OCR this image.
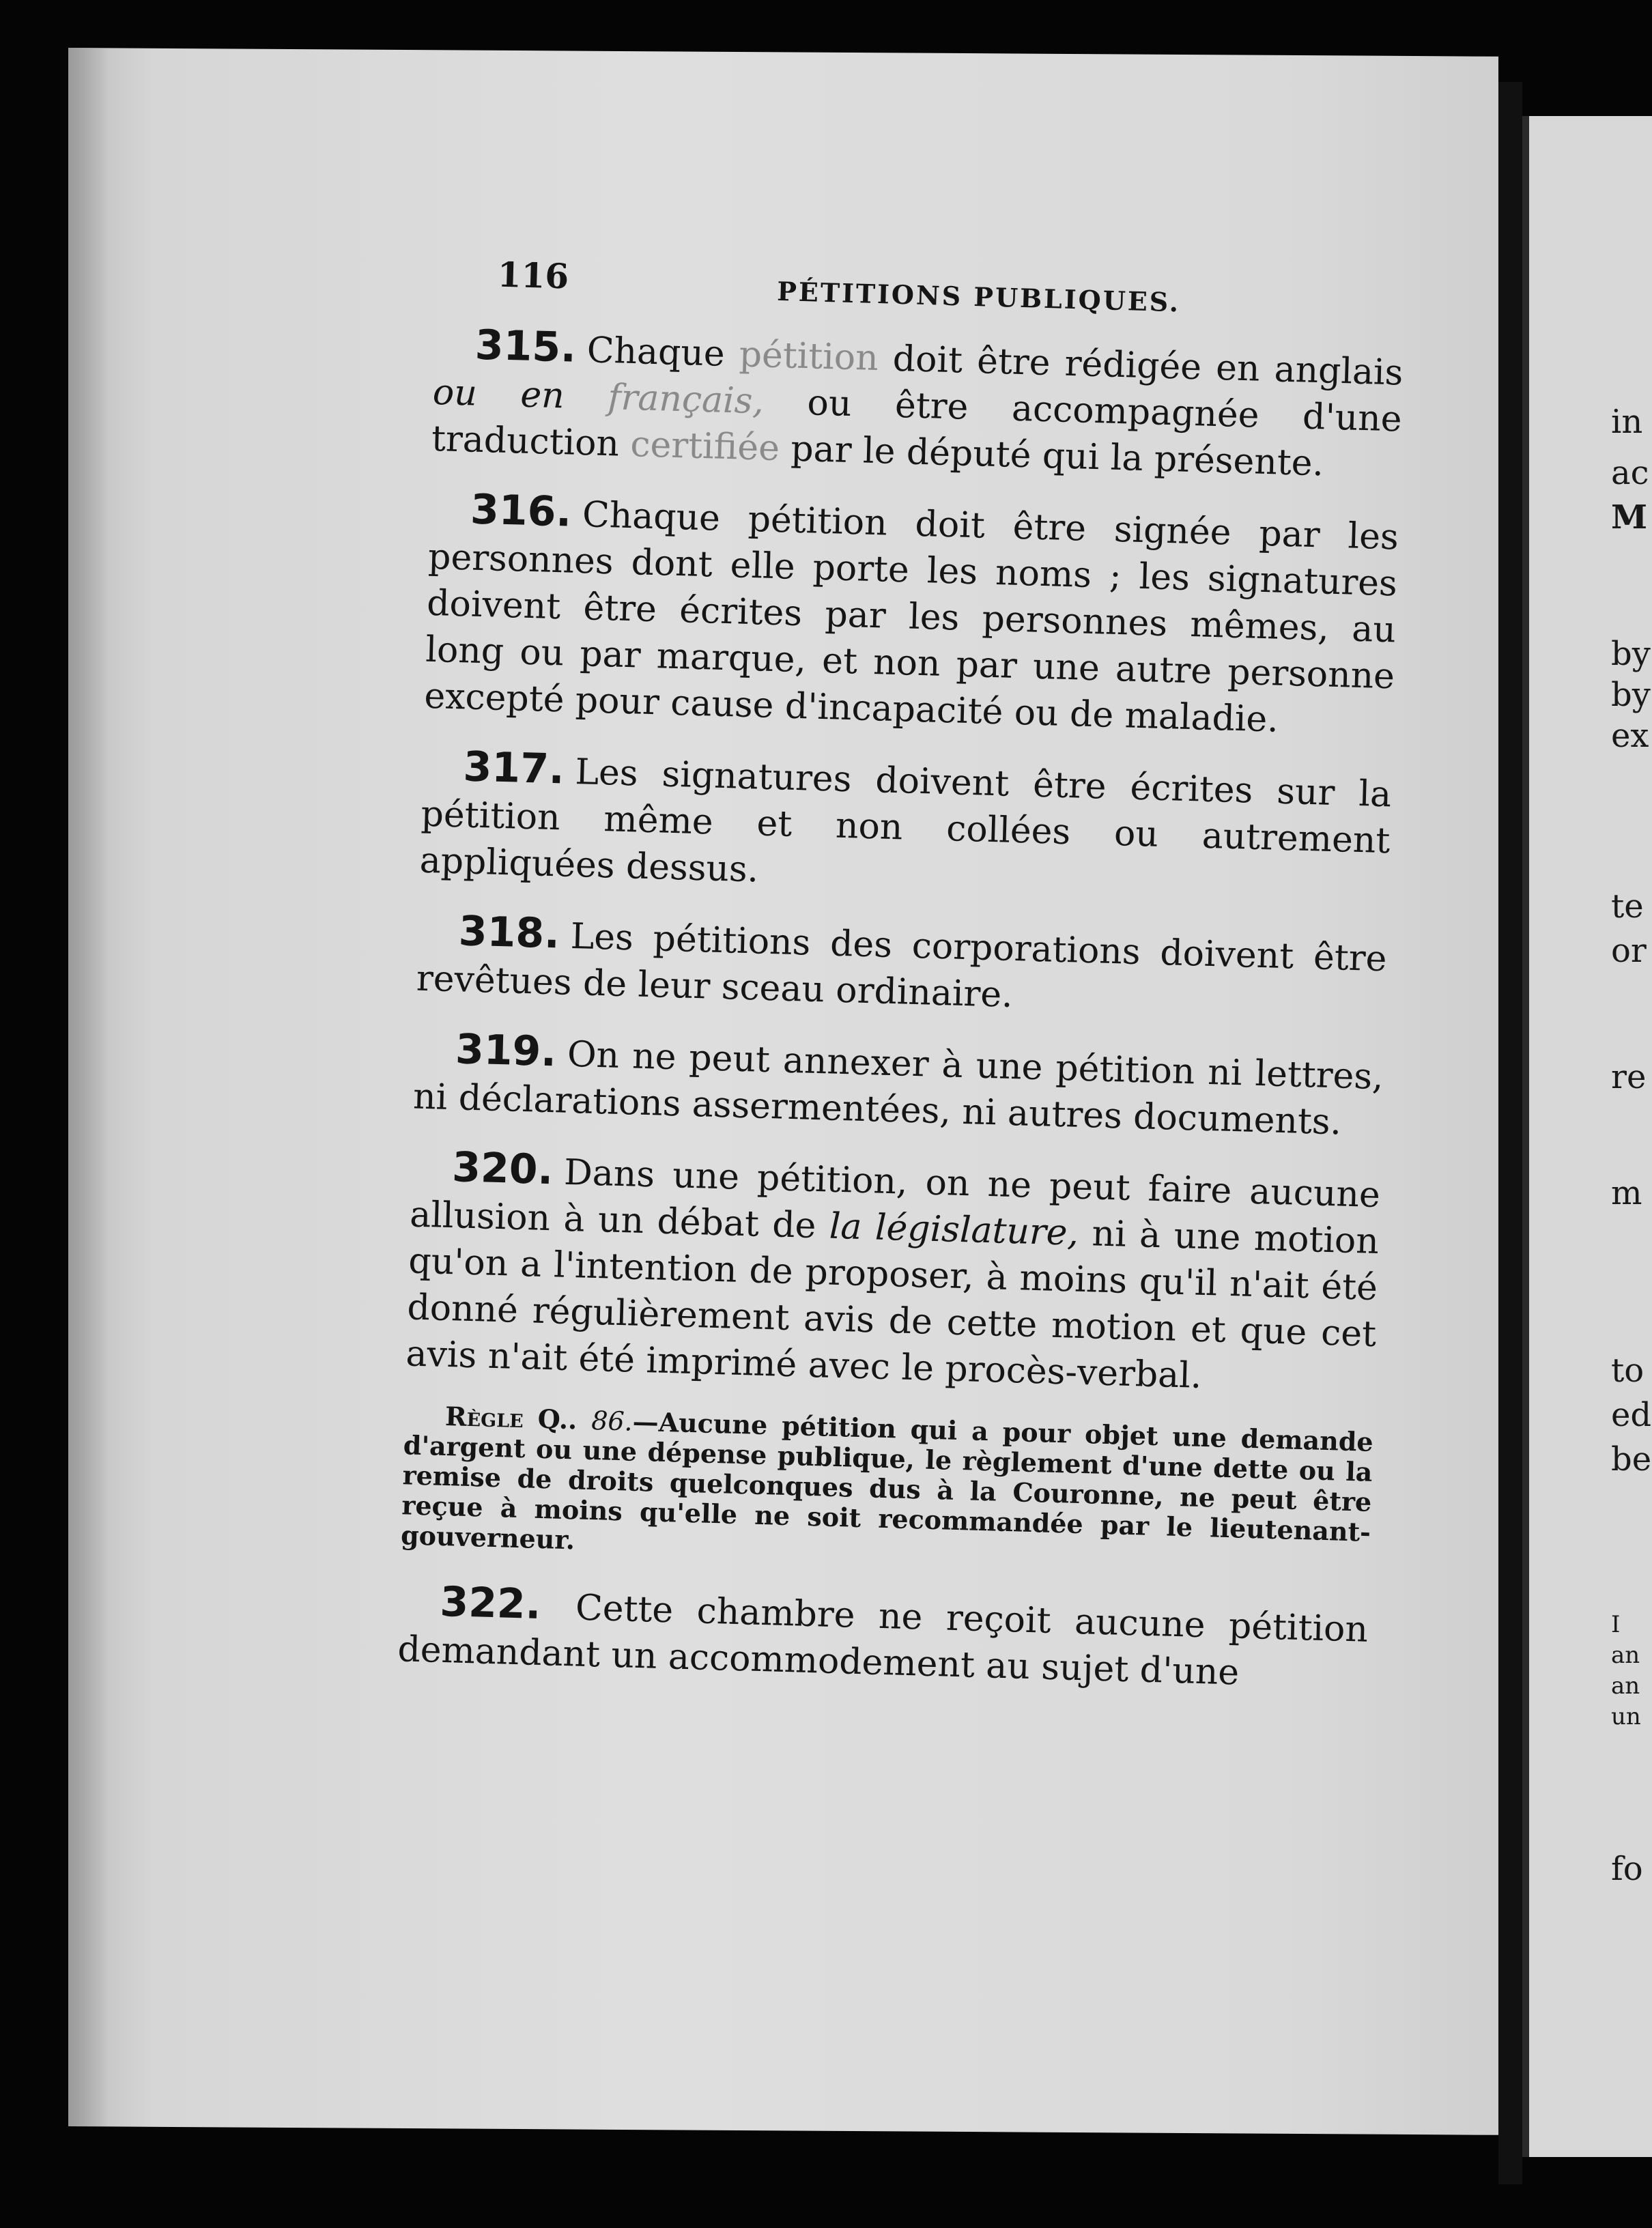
in
ac
M
by
by
ex
te
or
re
m
to
ed
be
I
an
an
un
fo
116
PÉTITIONS PUBLIQUES.

315. Chaque pétition doit être rédigée en anglais ou en français, ou être accompagnée d'une traduction certifiée par le député qui la présente.

316. Chaque pétition doit être signée par les personnes dont elle porte les noms ; les signatures doivent être écrites par les personnes mêmes, au long ou par marque, et non par une autre personne excepté pour cause d'incapacité ou de maladie.

317. Les signatures doivent être écrites sur la pétition même et non collées ou autrement appliquées dessus.

318. Les pétitions des corporations doivent être revêtues de leur sceau ordinaire.

319. On ne peut annexer à une pétition ni lettres, ni déclarations assermentées, ni autres documents.

320. Dans une pétition, on ne peut faire aucune allusion à un débat de la législature, ni à une motion qu'on a l'intention de proposer, à moins qu'il n'ait été donné régulièrement avis de cette motion et que cet avis n'ait été imprimé avec le procès-verbal.

Règle Q.. 86.—Aucune pétition qui a pour objet une demande d'argent ou une dépense publique, le règlement d'une dette ou la remise de droits quelconques dus à la Couronne, ne peut être reçue à moins qu'elle ne soit recommandée par le lieutenant-gouverneur.

322. Cette chambre ne reçoit aucune pétition demandant un accommodement au sujet d'une
